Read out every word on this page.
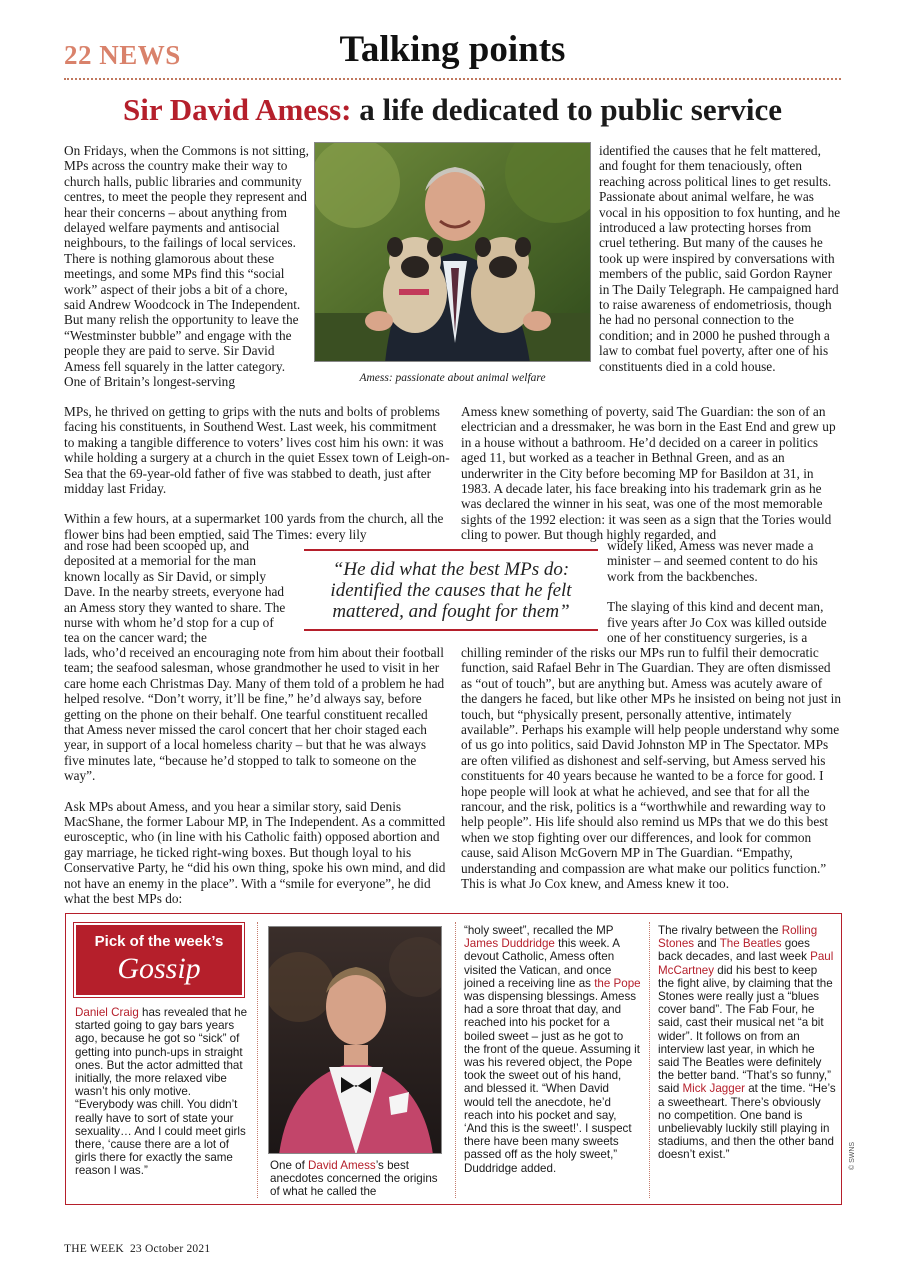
22 NEWS	Talking points
Sir David Amess: a life dedicated to public service

On Fridays, when the Commons is not sitting, MPs across the country make their way to church halls, public libraries and community centres, to meet the people they represent and hear their concerns – about anything from delayed welfare payments and antisocial neighbours, to the failings of local services. There is nothing glamorous about these meetings, and some MPs find this “social work” aspect of their jobs a bit of a chore, said Andrew Woodcock in The Independent. But many relish the opportunity to leave the “Westminster bubble” and engage with the people they are paid to serve. Sir David Amess fell squarely in the latter category. One of Britain’s longest-serving	Amess: passionate about animal welfare

identified the causes that he felt mattered, and fought for them tenaciously, often reaching across political lines to get results. Passionate about animal welfare, he was vocal in his opposition to fox hunting, and he introduced a law protecting horses from cruel tethering. But many of the causes he took up were inspired by conversations with members of the public, said Gordon Rayner in The Daily Telegraph. He campaigned hard to raise awareness of endometriosis, though he had no personal connection to the condition; and in 2000 he pushed through a law to combat fuel poverty, after one of his constituents died in a cold house.

MPs, he thrived on getting to grips with the nuts and bolts of problems facing his constituents, in Southend West. Last week, his commitment to making a tangible difference to voters’ lives cost him his own: it was while holding a surgery at a church in the quiet Essex town of Leigh-on-Sea that the 69-year-old father of five was stabbed to death, just after midday last Friday.

Within a few hours, at a supermarket 100 yards from the church, all the flower bins had been emptied, said The Times: every lily

and rose had been scooped up, and deposited at a memorial for the man known locally as Sir David, or simply Dave. In the nearby streets, everyone had an Amess story they wanted to share. The nurse with whom he’d stop for a cup of tea on the cancer ward; the

lads, who’d received an encouraging note from him about their football team; the seafood salesman, whose grandmother he used to visit in her care home each Christmas Day. Many of them told of a problem he had helped resolve. “Don’t worry, it’ll be fine,” he’d always say, before getting on the phone on their behalf. One tearful constituent recalled that Amess never missed the carol concert that her choir staged each year, in support of a local homeless charity – but that he was always five minutes late, “because he’d stopped to talk to someone on the way”.

Ask MPs about Amess, and you hear a similar story, said Denis MacShane, the former Labour MP, in The Independent. As a committed eurosceptic, who (in line with his Catholic faith) opposed abortion and gay marriage, he ticked right-wing boxes. But though loyal to his Conservative Party, he “did his own thing, spoke his own mind, and did not have an enemy in the place”. With a “smile for everyone”, he did what the best MPs do:

Amess knew something of poverty, said The Guardian: the son of an electrician and a dressmaker, he was born in the East End and grew up in a house without a bathroom. He’d decided on a career in politics aged 11, but worked as a teacher in Bethnal Green, and as an underwriter in the City before becoming MP for Basildon at 31, in 1983. A decade later, his face breaking into his trademark grin as he was declared the winner in his seat, was one of the most memorable sights of the 1992 election: it was seen as a sign that the Tories would cling to power. But though highly regarded, and

widely liked, Amess was never made a minister – and seemed content to do his work from the backbenches.

The slaying of this kind and decent man, five years after Jo Cox was killed outside one of her constituency surgeries, is a

chilling reminder of the risks our MPs run to fulfil their democratic function, said Rafael Behr in The Guardian. They are often dismissed as “out of touch”, but are anything but. Amess was acutely aware of the dangers he faced, but like other MPs he insisted on being not just in touch, but “physically present, personally attentive, intimately available”. Perhaps his example will help people understand why some of us go into politics, said David Johnston MP in The Spectator. MPs are often vilified as dishonest and self-serving, but Amess served his constituents for 40 years because he wanted to be a force for good. I hope people will look at what he achieved, and see that for all the rancour, and the risk, politics is a “worthwhile and rewarding way to help people”. His life should also remind us MPs that we do this best when we stop fighting over our differences, and look for common cause, said Alison McGovern MP in The Guardian. “Empathy, understanding and compassion are what make our politics function.” This is what Jo Cox knew, and Amess knew it too.

“He did what the best MPs do: identified the causes that he felt mattered, and fought for them”
Pick of the week’s
Gossip
Daniel Craig has revealed that he started going to gay bars years ago, because he got so “sick” of getting into punch-ups in straight ones. But the actor admitted that initially, the more relaxed vibe wasn’t his only motive. “Everybody was chill. You didn’t really have to sort of state your sexuality… And I could meet girls there, ‘cause there are a lot of girls there for exactly the same reason I was.”	One of David Amess’s best anecdotes concerned the origins of what he called the
“holy sweet”, recalled the MP James Duddridge this week. A devout Catholic, Amess often visited the Vatican, and once joined a receiving line as the Pope was dispensing blessings. Amess had a sore throat that day, and reached into his pocket for a boiled sweet – just as he got to the front of the queue. Assuming it was his revered object, the Pope took the sweet out of his hand, and blessed it. “When David would tell the anecdote, he’d reach into his pocket and say, ‘And this is the sweet!’. I suspect there have been many sweets passed off as the holy sweet,” Duddridge added.
The rivalry between the Rolling Stones and The Beatles goes back decades, and last week Paul McCartney did his best to keep the fight alive, by claiming that the Stones were really just a “blues cover band”. The Fab Four, he said, cast their musical net “a bit wider”. It follows on from an interview last year, in which he said The Beatles were definitely the better band. “That’s so funny,” said Mick Jagger at the time. “He’s a sweetheart. There’s obviously no competition. One band is unbelievably luckily still playing in stadiums, and then the other band doesn’t exist.”	© SWNS
THE WEEK  23 October 2021
